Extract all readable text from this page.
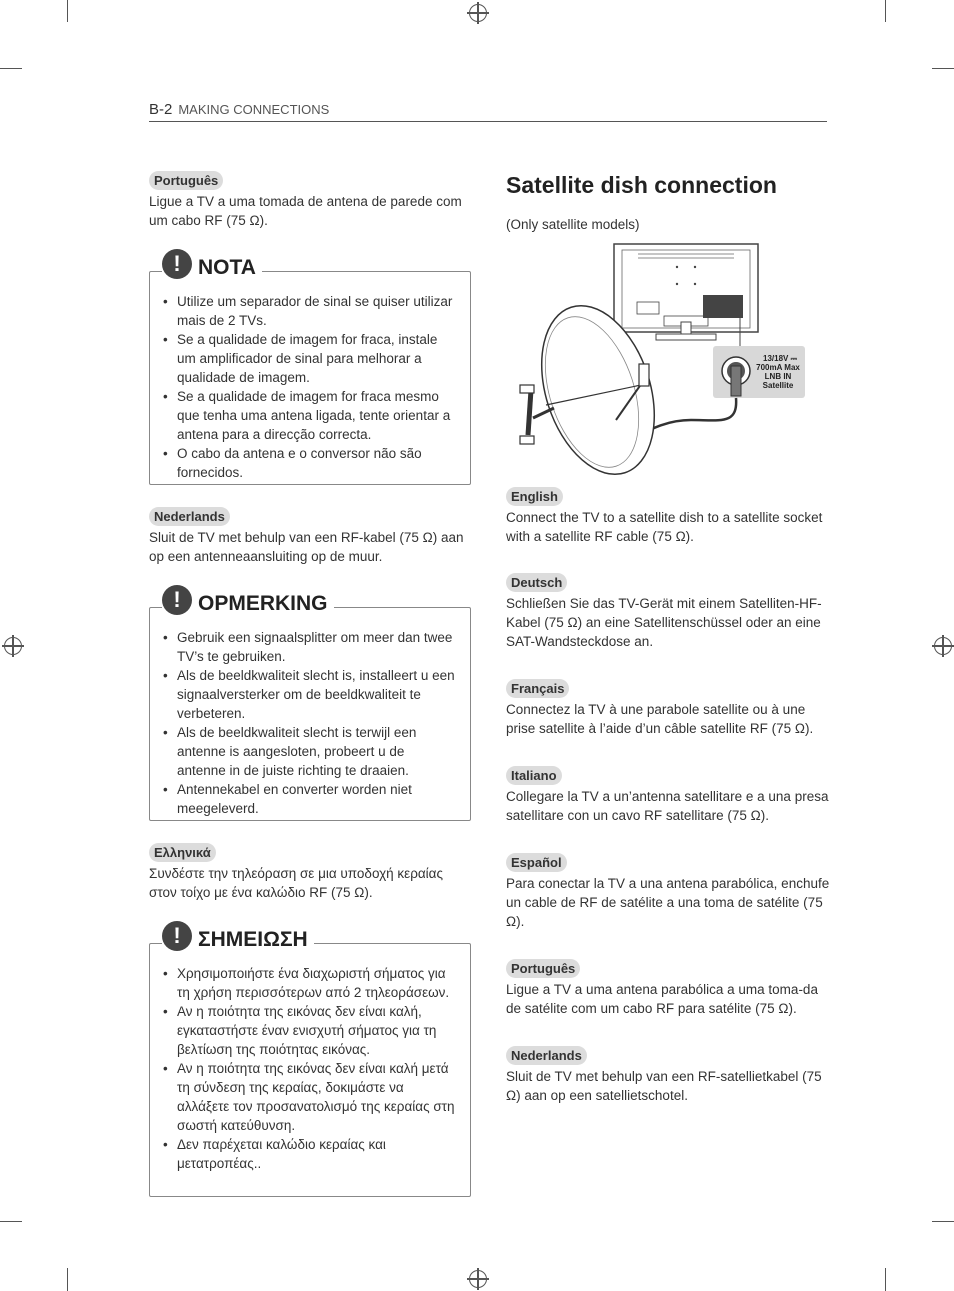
B-2 MAKING CONNECTIONS
Português

Ligue a TV a uma tomada de antena de parede com um cabo RF (75 Ω).

! NOTA
• Utilize um separador de sinal se quiser utilizar mais de 2 TVs.
• Se a qualidade de imagem for fraca, instale um amplificador de sinal para melhorar a qualidade de imagem.
• Se a qualidade de imagem for fraca mesmo que tenha uma antena ligada, tente orientar a antena para a direcção correcta.
• O cabo da antena e o conversor não são fornecidos.
Nederlands

Sluit de TV met behulp van een RF-kabel (75 Ω) aan op een antenneaansluiting op de muur.

! OPMERKING
• Gebruik een signaalsplitter om meer dan twee TV’s te gebruiken.
• Als de beeldkwaliteit slecht is, installeert u een signaalversterker om de beeldkwaliteit te verbeteren.
• Als de beeldkwaliteit slecht is terwijl een antenne is aangesloten, probeert u de antenne in de juiste richting te draaien.
• Antennekabel en converter worden niet meegeleverd.
Ελληνικά

Συνδέστε την τηλεόραση σε μια υποδοχή κεραίας στον τοίχο με ένα καλώδιο RF (75 Ω).

! ΣΗΜΕΙΩΣΗ
• Χρησιμοποιήστε ένα διαχωριστή σήματος για τη χρήση περισσότερων από 2 τηλεοράσεων.
• Αν η ποιότητα της εικόνας δεν είναι καλή, εγκαταστήστε έναν ενισχυτή σήματος για τη βελτίωση της ποιότητας εικόνας.
• Αν η ποιότητα της εικόνας δεν είναι καλή μετά τη σύνδεση της κεραίας, δοκιμάστε να αλλάξετε τον προσανατολισμό της κεραίας στη σωστή κατεύθυνση.
• Δεν παρέχεται καλώδιο κεραίας και μετατροπέας..
Satellite dish connection
(Only satellite models)
13/18V ⎓
700mA Max
LNB IN
Satellite
English

Connect the TV to a satellite dish to a satellite socket with a satellite RF cable (75 Ω).

Deutsch

Schließen Sie das TV-Gerät mit einem Satelliten-HF-Kabel (75 Ω) an eine Satellitenschüssel oder an eine SAT-Wandsteckdose an.

Français

Connectez la TV à une parabole satellite ou à une prise satellite à l’aide d’un câble satellite RF (75 Ω).

Italiano

Collegare la TV a un’antenna satellitare e a una presa satellitare con un cavo RF satellitare (75 Ω).

Español

Para conectar la TV a una antena parabólica, enchufe un cable de RF de satélite a una toma de satélite (75 Ω).

Português

Ligue a TV a uma antena parabólica a uma toma-da de satélite com um cabo RF para satélite (75 Ω).

Nederlands

Sluit de TV met behulp van een RF-satellietkabel (75 Ω) aan op een satellietschotel.
